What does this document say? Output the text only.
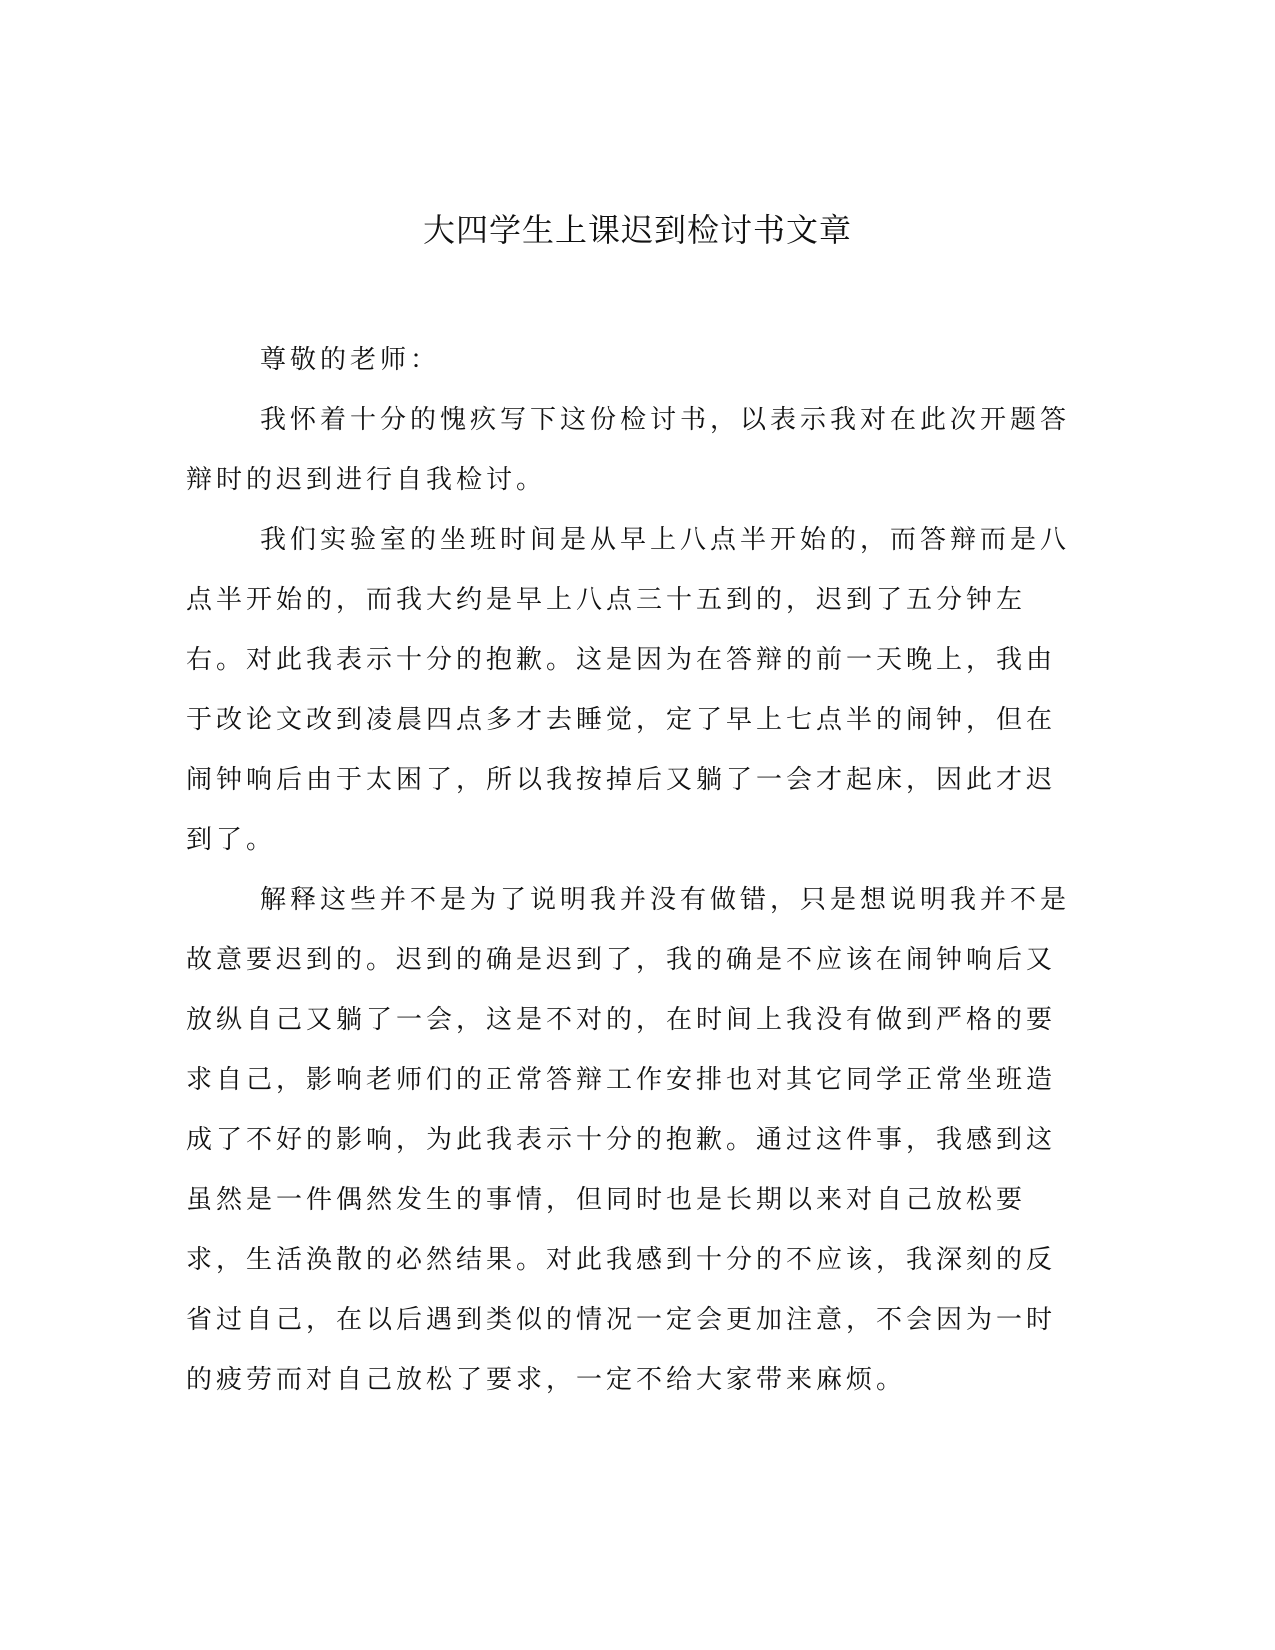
大四学生上课迟到检讨书文章

尊敬的老师：

我怀着十分的愧疚写下这份检讨书，以表示我对在此次开题答辩时的迟到进行自我检讨。

我们实验室的坐班时间是从早上八点半开始的，而答辩而是八点半开始的，而我大约是早上八点三十五到的，迟到了五分钟左右。对此我表示十分的抱歉。这是因为在答辩的前一天晚上，我由于改论文改到凌晨四点多才去睡觉，定了早上七点半的闹钟，但在闹钟响后由于太困了，所以我按掉后又躺了一会才起床，因此才迟到了。

解释这些并不是为了说明我并没有做错，只是想说明我并不是故意要迟到的。迟到的确是迟到了，我的确是不应该在闹钟响后又放纵自己又躺了一会，这是不对的，在时间上我没有做到严格的要求自己，影响老师们的正常答辩工作安排也对其它同学正常坐班造成了不好的影响，为此我表示十分的抱歉。通过这件事，我感到这虽然是一件偶然发生的事情，但同时也是长期以来对自己放松要求，生活涣散的必然结果。对此我感到十分的不应该，我深刻的反省过自己，在以后遇到类似的情况一定会更加注意，不会因为一时的疲劳而对自己放松了要求，一定不给大家带来麻烦。
